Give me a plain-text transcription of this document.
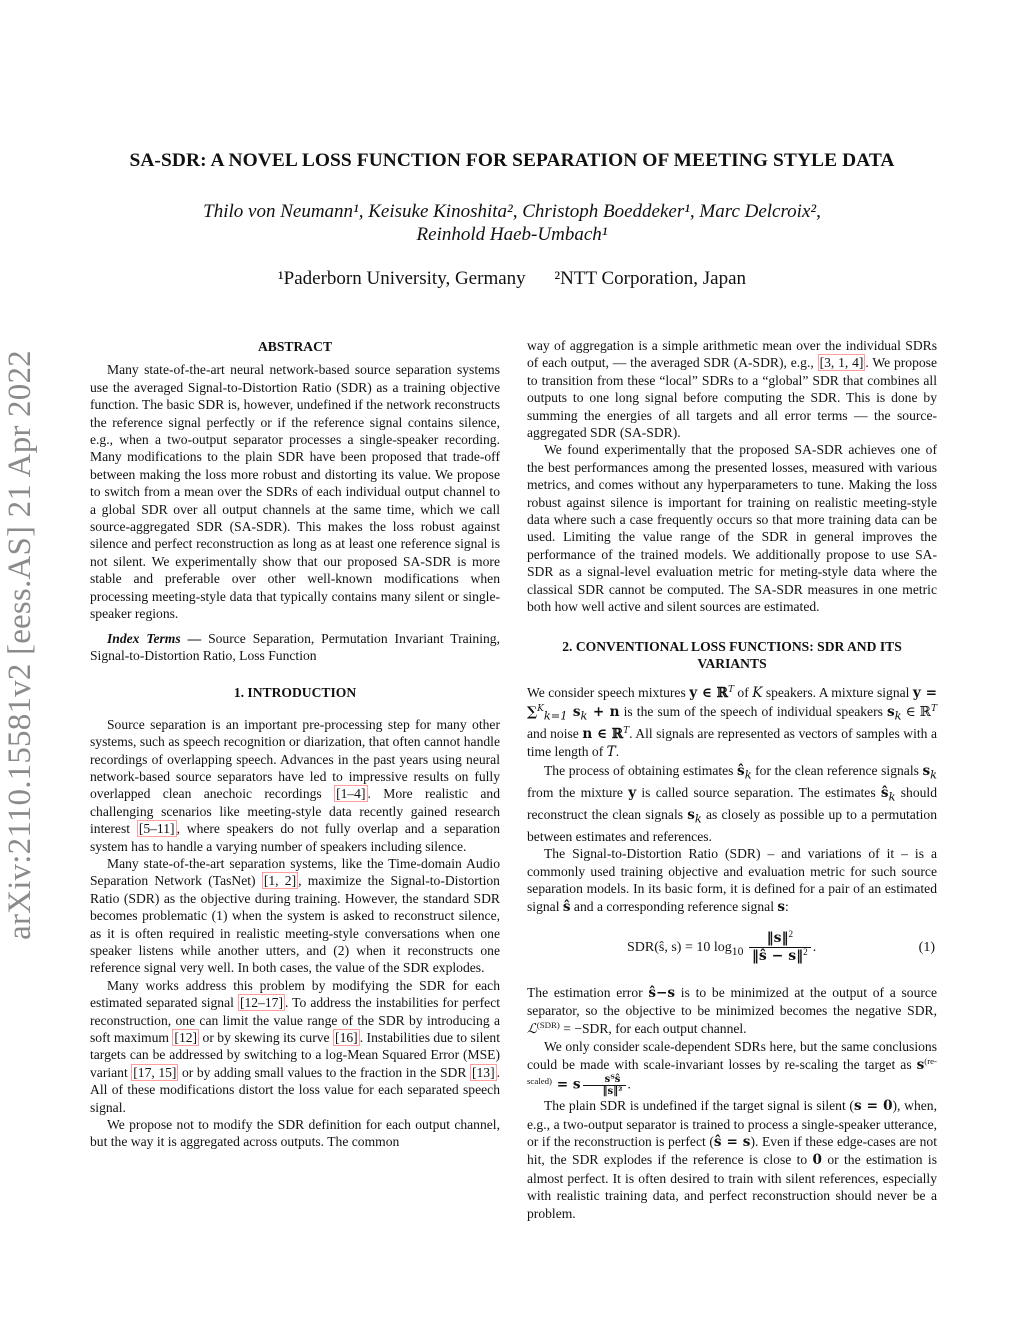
arXiv:2110.15581v2 [eess.AS] 21 Apr 2022
SA-SDR: A NOVEL LOSS FUNCTION FOR SEPARATION OF MEETING STYLE DATA
Thilo von Neumann¹, Keisuke Kinoshita², Christoph Boeddeker¹, Marc Delcroix²,
Reinhold Haeb-Umbach¹
¹Paderborn University, Germany ²NTT Corporation, Japan
ABSTRACT

Many state-of-the-art neural network-based source separation systems use the averaged Signal-to-Distortion Ratio (SDR) as a training objective function. The basic SDR is, however, undefined if the network reconstructs the reference signal perfectly or if the reference signal contains silence, e.g., when a two-output separator processes a single-speaker recording. Many modifications to the plain SDR have been proposed that trade-off between making the loss more robust and distorting its value. We propose to switch from a mean over the SDRs of each individual output channel to a global SDR over all output channels at the same time, which we call source-aggregated SDR (SA-SDR). This makes the loss robust against silence and perfect reconstruction as long as at least one reference signal is not silent. We experimentally show that our proposed SA-SDR is more stable and preferable over other well-known modifications when processing meeting-style data that typically contains many silent or single-speaker regions.

Index Terms — Source Separation, Permutation Invariant Training, Signal-to-Distortion Ratio, Loss Function

1. INTRODUCTION

Source separation is an important pre-processing step for many other systems, such as speech recognition or diarization, that often cannot handle recordings of overlapping speech. Advances in the past years using neural network-based source separators have led to impressive results on fully overlapped clean anechoic recordings [1–4] . More realistic and challenging scenarios like meeting-style data recently gained research interest [5–11] , where speakers do not fully overlap and a separation system has to handle a varying number of speakers including silence.

Many state-of-the-art separation systems, like the Time-domain Audio Separation Network (TasNet) [1, 2] , maximize the Signal-to-Distortion Ratio (SDR) as the objective during training. However, the standard SDR becomes problematic (1) when the system is asked to reconstruct silence, as it is often required in realistic meeting-style conversations when one speaker listens while another utters, and (2) when it reconstructs one reference signal very well. In both cases, the value of the SDR explodes.

Many works address this problem by modifying the SDR for each estimated separated signal [12–17] . To address the instabilities for perfect reconstruction, one can limit the value range of the SDR by introducing a soft maximum [12] or by skewing its curve [16] . Instabilities due to silent targets can be addressed by switching to a log-Mean Squared Error (MSE) variant [17, 15] or by adding small values to the fraction in the SDR [13] . All of these modifications distort the loss value for each separated speech signal.

We propose not to modify the SDR definition for each output channel, but the way it is aggregated across outputs. The common

way of aggregation is a simple arithmetic mean over the individual SDRs of each output, — the averaged SDR (A-SDR), e.g., [3, 1, 4] . We propose to transition from these “local” SDRs to a “global” SDR that combines all outputs to one long signal before computing the SDR. This is done by summing the energies of all targets and all error terms — the source-aggregated SDR (SA-SDR).

We found experimentally that the proposed SA-SDR achieves one of the best performances among the presented losses, measured with various metrics, and comes without any hyperparameters to tune. Making the loss robust against silence is important for training on realistic meeting-style data where such a case frequently occurs so that more training data can be used. Limiting the value range of the SDR in general improves the performance of the trained models. We additionally propose to use SA-SDR as a signal-level evaluation metric for meting-style data where the classical SDR cannot be computed. The SA-SDR measures in one metric both how well active and silent sources are estimated.

2. CONVENTIONAL LOSS FUNCTIONS: SDR AND ITS
VARIANTS

We consider speech mixtures y ∈ ℝ$^T$ of K speakers. A mixture signal y = ∑$^K_{k=1}$ $s_k + n$ is the sum of the speech of individual speakers $s_k$ ∈ ℝ$^T$ and noise n ∈ ℝ$^T$. All signals are represented as vectors of samples with a time length of T.

The process of obtaining estimates $ŝ_k$ for the clean reference signals $s_k$ from the mixture y is called source separation. The estimates $ŝ_k$ should reconstruct the clean signals $s_k$ as closely as possible up to a permutation between estimates and references.

The Signal-to-Distortion Ratio (SDR) – and variations of it – is a commonly used training objective and evaluation metric for such source separation models. In its basic form, it is defined for a pair of an estimated signal ŝ and a corresponding reference signal s:

SDR(ŝ, s) = 10 $\log_{10} \frac{‖s‖^2}{‖ŝ - s‖^2}$ .	(1)

The estimation error ŝ−s is to be minimized at the output of a source separator, so the objective to be minimized becomes the negative SDR, ℒ$^{(SDR)}$ = −SDR, for each output channel.

We only consider scale-dependent SDRs here, but the same conclusions could be made with scale-invariant losses by re-scaling the target as $s^{(re-scaled)} = s \frac{\text{sᵀŝ}}{\text{‖s‖²}}$ .

The plain SDR is undefined if the target signal is silent (s = 0), when, e.g., a two-output separator is trained to process a single-speaker utterance, or if the reconstruction is perfect (ŝ = s). Even if these edge-cases are not hit, the SDR explodes if the reference is close to 0 or the estimation is almost perfect. It is often desired to train with silent references, especially with realistic training data, and perfect reconstruction should never be a problem.
